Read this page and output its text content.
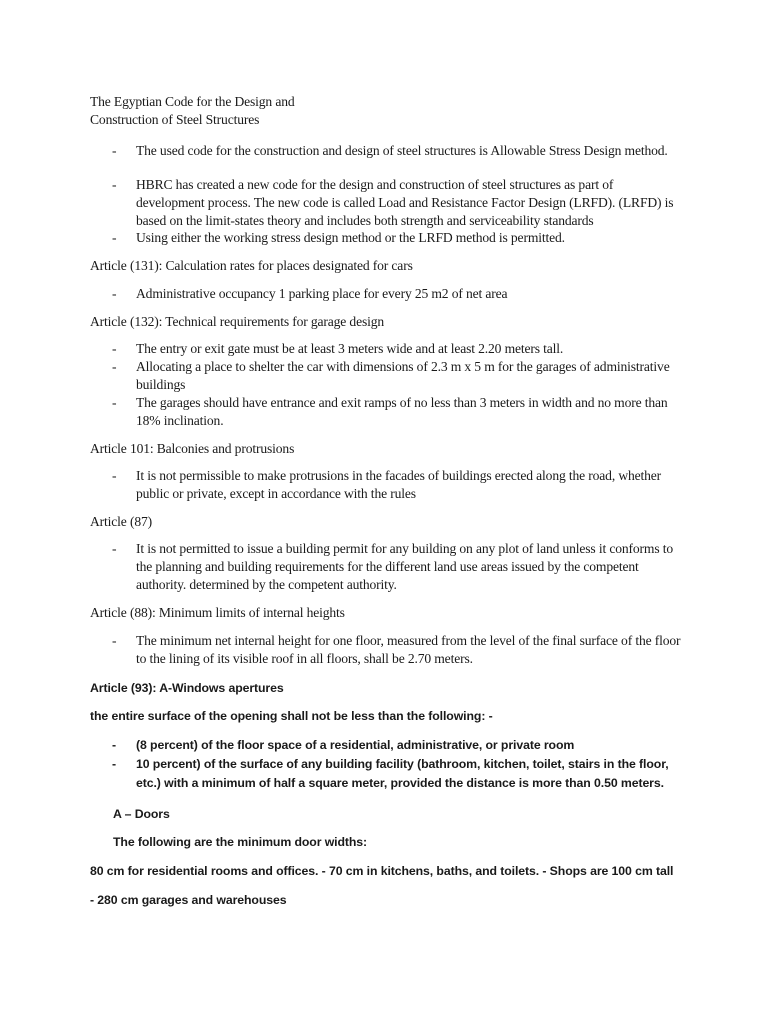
The Egyptian Code for the Design and
Construction of Steel Structures
- The used code for the construction and design of steel structures is Allowable Stress Design method.
- HBRC has created a new code for the design and construction of steel structures as part of development process. The new code is called Load and Resistance Factor Design (LRFD). (LRFD) is based on the limit-states theory and includes both strength and serviceability standards
- Using either the working stress design method or the LRFD method is permitted.
Article (131): Calculation rates for places designated for cars
- Administrative occupancy 1 parking place for every 25 m2 of net area
Article (132): Technical requirements for garage design
- The entry or exit gate must be at least 3 meters wide and at least 2.20 meters tall.
- Allocating a place to shelter the car with dimensions of 2.3 m x 5 m for the garages of administrative buildings
- The garages should have entrance and exit ramps of no less than 3 meters in width and no more than 18% inclination.
Article 101: Balconies and protrusions
- It is not permissible to make protrusions in the facades of buildings erected along the road, whether public or private, except in accordance with the rules
Article (87)
- It is not permitted to issue a building permit for any building on any plot of land unless it conforms to the planning and building requirements for the different land use areas issued by the competent authority. determined by the competent authority.
Article (88): Minimum limits of internal heights
- The minimum net internal height for one floor, measured from the level of the final surface of the floor to the lining of its visible roof in all floors, shall be 2.70 meters.
Article (93): A-Windows apertures
the entire surface of the opening shall not be less than the following: -
- (8 percent) of the floor space of a residential, administrative, or private room
- 10 percent) of the surface of any building facility (bathroom, kitchen, toilet, stairs in the floor, etc.) with a minimum of half a square meter, provided the distance is more than 0.50 meters.
A – Doors
The following are the minimum door widths:
80 cm for residential rooms and offices. - 70 cm in kitchens, baths, and toilets. - Shops are 100 cm tall
- 280 cm garages and warehouses
